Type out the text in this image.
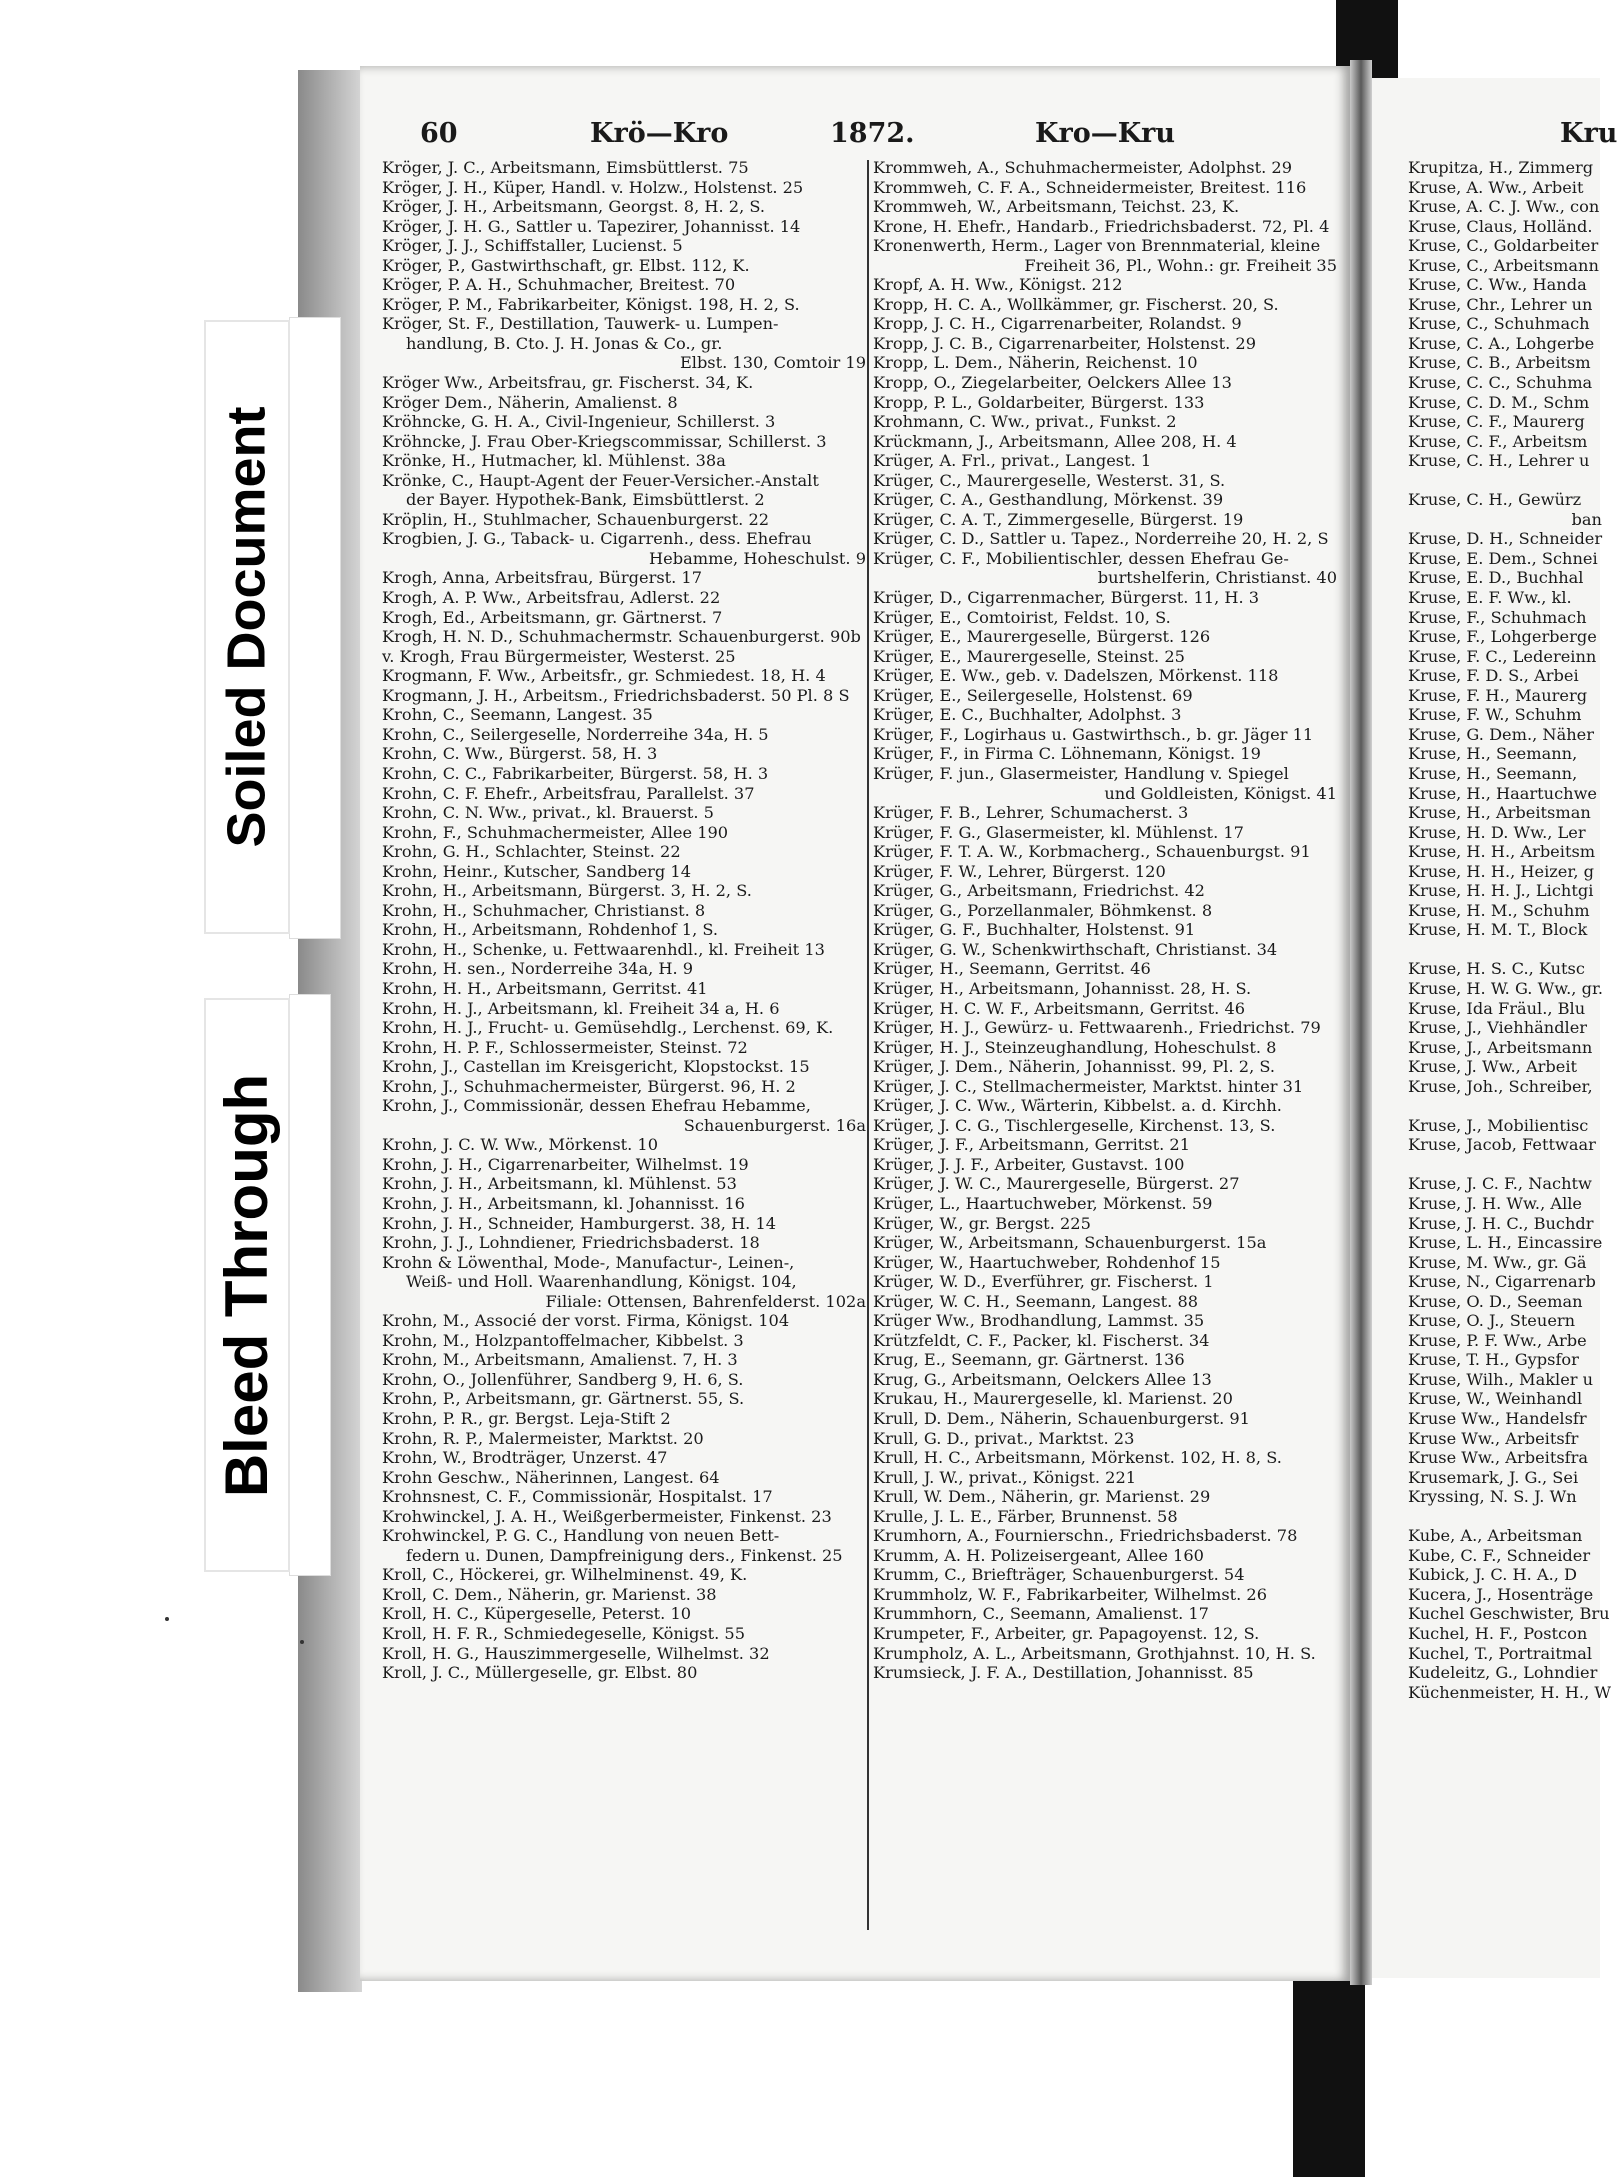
60	Krö—Kro	1872.	Kro—Kru	Kru
Kröger, J. C., Arbeitsmann, Eimsbüttlerst. 75
Kröger, J. H., Küper, Handl. v. Holzw., Holstenst. 25
Kröger, J. H., Arbeitsmann, Georgst. 8, H. 2, S.
Kröger, J. H. G., Sattler u. Tapezirer, Johannisst. 14
Kröger, J. J., Schiffstaller, Lucienst. 5
Kröger, P., Gastwirthschaft, gr. Elbst. 112, K.
Kröger, P. A. H., Schuhmacher, Breitest. 70
Kröger, P. M., Fabrikarbeiter, Königst. 198, H. 2, S.
Kröger, St. F., Destillation, Tauwerk- u. Lumpen-
handlung, B. Cto. J. H. Jonas & Co., gr.
Elbst. 130, Comtoir 19
Kröger Ww., Arbeitsfrau, gr. Fischerst. 34, K.
Kröger Dem., Näherin, Amalienst. 8
Kröhncke, G. H. A., Civil-Ingenieur, Schillerst. 3
Kröhncke, J. Frau Ober-Kriegscommissar, Schillerst. 3
Krönke, H., Hutmacher, kl. Mühlenst. 38a
Krönke, C., Haupt-Agent der Feuer-Versicher.-Anstalt
der Bayer. Hypothek-Bank, Eimsbüttlerst. 2
Kröplin, H., Stuhlmacher, Schauenburgerst. 22
Krogbien, J. G., Taback- u. Cigarrenh., dess. Ehefrau
Hebamme, Hoheschulst. 9
Krogh, Anna, Arbeitsfrau, Bürgerst. 17
Krogh, A. P. Ww., Arbeitsfrau, Adlerst. 22
Krogh, Ed., Arbeitsmann, gr. Gärtnerst. 7
Krogh, H. N. D., Schuhmachermstr. Schauenburgerst. 90b
v. Krogh, Frau Bürgermeister, Westerst. 25
Krogmann, F. Ww., Arbeitsfr., gr. Schmiedest. 18, H. 4
Krogmann, J. H., Arbeitsm., Friedrichsbaderst. 50 Pl. 8 S
Krohn, C., Seemann, Langest. 35
Krohn, C., Seilergeselle, Norderreihe 34a, H. 5
Krohn, C. Ww., Bürgerst. 58, H. 3
Krohn, C. C., Fabrikarbeiter, Bürgerst. 58, H. 3
Krohn, C. F. Ehefr., Arbeitsfrau, Parallelst. 37
Krohn, C. N. Ww., privat., kl. Brauerst. 5
Krohn, F., Schuhmachermeister, Allee 190
Krohn, G. H., Schlachter, Steinst. 22
Krohn, Heinr., Kutscher, Sandberg 14
Krohn, H., Arbeitsmann, Bürgerst. 3, H. 2, S.
Krohn, H., Schuhmacher, Christianst. 8
Krohn, H., Arbeitsmann, Rohdenhof 1, S.
Krohn, H., Schenke, u. Fettwaarenhdl., kl. Freiheit 13
Krohn, H. sen., Norderreihe 34a, H. 9
Krohn, H. H., Arbeitsmann, Gerritst. 41
Krohn, H. J., Arbeitsmann, kl. Freiheit 34 a, H. 6
Krohn, H. J., Frucht- u. Gemüsehdlg., Lerchenst. 69, K.
Krohn, H. P. F., Schlossermeister, Steinst. 72
Krohn, J., Castellan im Kreisgericht, Klopstockst. 15
Krohn, J., Schuhmachermeister, Bürgerst. 96, H. 2
Krohn, J., Commissionär, dessen Ehefrau Hebamme,
Schauenburgerst. 16a
Krohn, J. C. W. Ww., Mörkenst. 10
Krohn, J. H., Cigarrenarbeiter, Wilhelmst. 19
Krohn, J. H., Arbeitsmann, kl. Mühlenst. 53
Krohn, J. H., Arbeitsmann, kl. Johannisst. 16
Krohn, J. H., Schneider, Hamburgerst. 38, H. 14
Krohn, J. J., Lohndiener, Friedrichsbaderst. 18
Krohn & Löwenthal, Mode-, Manufactur-, Leinen-,
Weiß- und Holl. Waarenhandlung, Königst. 104,
Filiale: Ottensen, Bahrenfelderst. 102a
Krohn, M., Associé der vorst. Firma, Königst. 104
Krohn, M., Holzpantoffelmacher, Kibbelst. 3
Krohn, M., Arbeitsmann, Amalienst. 7, H. 3
Krohn, O., Jollenführer, Sandberg 9, H. 6, S.
Krohn, P., Arbeitsmann, gr. Gärtnerst. 55, S.
Krohn, P. R., gr. Bergst. Leja-Stift 2
Krohn, R. P., Malermeister, Marktst. 20
Krohn, W., Brodträger, Unzerst. 47
Krohn Geschw., Näherinnen, Langest. 64
Krohnsnest, C. F., Commissionär, Hospitalst. 17
Krohwinckel, J. A. H., Weißgerbermeister, Finkenst. 23
Krohwinckel, P. G. C., Handlung von neuen Bett-
federn u. Dunen, Dampfreinigung ders., Finkenst. 25
Kroll, C., Höckerei, gr. Wilhelminenst. 49, K.
Kroll, C. Dem., Näherin, gr. Marienst. 38
Kroll, H. C., Küpergeselle, Peterst. 10
Kroll, H. F. R., Schmiedegeselle, Königst. 55
Kroll, H. G., Hauszimmergeselle, Wilhelmst. 32
Kroll, J. C., Müllergeselle, gr. Elbst. 80
Krommweh, A., Schuhmachermeister, Adolphst. 29
Krommweh, C. F. A., Schneidermeister, Breitest. 116
Krommweh, W., Arbeitsmann, Teichst. 23, K.
Krone, H. Ehefr., Handarb., Friedrichsbaderst. 72, Pl. 4
Kronenwerth, Herm., Lager von Brennmaterial, kleine
Freiheit 36, Pl., Wohn.: gr. Freiheit 35
Kropf, A. H. Ww., Königst. 212
Kropp, H. C. A., Wollkämmer, gr. Fischerst. 20, S.
Kropp, J. C. H., Cigarrenarbeiter, Rolandst. 9
Kropp, J. C. B., Cigarrenarbeiter, Holstenst. 29
Kropp, L. Dem., Näherin, Reichenst. 10
Kropp, O., Ziegelarbeiter, Oelckers Allee 13
Kropp, P. L., Goldarbeiter, Bürgerst. 133
Krohmann, C. Ww., privat., Funkst. 2
Krückmann, J., Arbeitsmann, Allee 208, H. 4
Krüger, A. Frl., privat., Langest. 1
Krüger, C., Maurergeselle, Westerst. 31, S.
Krüger, C. A., Gesthandlung, Mörkenst. 39
Krüger, C. A. T., Zimmergeselle, Bürgerst. 19
Krüger, C. D., Sattler u. Tapez., Norderreihe 20, H. 2, S
Krüger, C. F., Mobilientischler, dessen Ehefrau Ge-
burtshelferin, Christianst. 40
Krüger, D., Cigarrenmacher, Bürgerst. 11, H. 3
Krüger, E., Comtoirist, Feldst. 10, S.
Krüger, E., Maurergeselle, Bürgerst. 126
Krüger, E., Maurergeselle, Steinst. 25
Krüger, E. Ww., geb. v. Dadelszen, Mörkenst. 118
Krüger, E., Seilergeselle, Holstenst. 69
Krüger, E. C., Buchhalter, Adolphst. 3
Krüger, F., Logirhaus u. Gastwirthsch., b. gr. Jäger 11
Krüger, F., in Firma C. Löhnemann, Königst. 19
Krüger, F. jun., Glasermeister, Handlung v. Spiegel
und Goldleisten, Königst. 41
Krüger, F. B., Lehrer, Schumacherst. 3
Krüger, F. G., Glasermeister, kl. Mühlenst. 17
Krüger, F. T. A. W., Korbmacherg., Schauenburgst. 91
Krüger, F. W., Lehrer, Bürgerst. 120
Krüger, G., Arbeitsmann, Friedrichst. 42
Krüger, G., Porzellanmaler, Böhmkenst. 8
Krüger, G. F., Buchhalter, Holstenst. 91
Krüger, G. W., Schenkwirthschaft, Christianst. 34
Krüger, H., Seemann, Gerritst. 46
Krüger, H., Arbeitsmann, Johannisst. 28, H. S.
Krüger, H. C. W. F., Arbeitsmann, Gerritst. 46
Krüger, H. J., Gewürz- u. Fettwaarenh., Friedrichst. 79
Krüger, H. J., Steinzeughandlung, Hoheschulst. 8
Krüger, J. Dem., Näherin, Johannisst. 99, Pl. 2, S.
Krüger, J. C., Stellmachermeister, Marktst. hinter 31
Krüger, J. C. Ww., Wärterin, Kibbelst. a. d. Kirchh.
Krüger, J. C. G., Tischlergeselle, Kirchenst. 13, S.
Krüger, J. F., Arbeitsmann, Gerritst. 21
Krüger, J. J. F., Arbeiter, Gustavst. 100
Krüger, J. W. C., Maurergeselle, Bürgerst. 27
Krüger, L., Haartuchweber, Mörkenst. 59
Krüger, W., gr. Bergst. 225
Krüger, W., Arbeitsmann, Schauenburgerst. 15a
Krüger, W., Haartuchweber, Rohdenhof 15
Krüger, W. D., Everführer, gr. Fischerst. 1
Krüger, W. C. H., Seemann, Langest. 88
Krüger Ww., Brodhandlung, Lammst. 35
Krützfeldt, C. F., Packer, kl. Fischerst. 34
Krug, E., Seemann, gr. Gärtnerst. 136
Krug, G., Arbeitsmann, Oelckers Allee 13
Krukau, H., Maurergeselle, kl. Marienst. 20
Krull, D. Dem., Näherin, Schauenburgerst. 91
Krull, G. D., privat., Marktst. 23
Krull, H. C., Arbeitsmann, Mörkenst. 102, H. 8, S.
Krull, J. W., privat., Königst. 221
Krull, W. Dem., Näherin, gr. Marienst. 29
Krulle, J. L. E., Färber, Brunnenst. 58
Krumhorn, A., Fournierschn., Friedrichsbaderst. 78
Krumm, A. H. Polizeisergeant, Allee 160
Krumm, C., Briefträger, Schauenburgerst. 54
Krummholz, W. F., Fabrikarbeiter, Wilhelmst. 26
Krummhorn, C., Seemann, Amalienst. 17
Krumpeter, F., Arbeiter, gr. Papagoyenst. 12, S.
Krumpholz, A. L., Arbeitsmann, Grothjahnst. 10, H. S.
Krumsieck, J. F. A., Destillation, Johannisst. 85
Krupitza, H., Zimmerg
Kruse, A. Ww., Arbeit
Kruse, A. C. J. Ww., con
Kruse, Claus, Holländ.
Kruse, C., Goldarbeiter
Kruse, C., Arbeitsmann
Kruse, C. Ww., Handa
Kruse, Chr., Lehrer un
Kruse, C., Schuhmach
Kruse, C. A., Lohgerbe
Kruse, C. B., Arbeitsm
Kruse, C. C., Schuhma
Kruse, C. D. M., Schm
Kruse, C. F., Maurerg
Kruse, C. F., Arbeitsm
Kruse, C. H., Lehrer u
Kruse, C. H., Gewürz
ban
Kruse, D. H., Schneider
Kruse, E. Dem., Schnei
Kruse, E. D., Buchhal
Kruse, E. F. Ww., kl.
Kruse, F., Schuhmach
Kruse, F., Lohgerberge
Kruse, F. C., Ledereinn
Kruse, F. D. S., Arbei
Kruse, F. H., Maurerg
Kruse, F. W., Schuhm
Kruse, G. Dem., Näher
Kruse, H., Seemann,
Kruse, H., Seemann,
Kruse, H., Haartuchwe
Kruse, H., Arbeitsman
Kruse, H. D. Ww., Ler
Kruse, H. H., Arbeitsm
Kruse, H. H., Heizer, g
Kruse, H. H. J., Lichtgi
Kruse, H. M., Schuhm
Kruse, H. M. T., Block
Kruse, H. S. C., Kutsc
Kruse, H. W. G. Ww., gr.
Kruse, Ida Fräul., Blu
Kruse, J., Viehhändler
Kruse, J., Arbeitsmann
Kruse, J. Ww., Arbeit
Kruse, Joh., Schreiber,
Kruse, J., Mobilientisc
Kruse, Jacob, Fettwaar
Kruse, J. C. F., Nachtw
Kruse, J. H. Ww., Alle
Kruse, J. H. C., Buchdr
Kruse, L. H., Eincassire
Kruse, M. Ww., gr. Gä
Kruse, N., Cigarrenarb
Kruse, O. D., Seeman
Kruse, O. J., Steuern
Kruse, P. F. Ww., Arbe
Kruse, T. H., Gypsfor
Kruse, Wilh., Makler u
Kruse, W., Weinhandl
Kruse Ww., Handelsfr
Kruse Ww., Arbeitsfr
Kruse Ww., Arbeitsfra
Krusemark, J. G., Sei
Kryssing, N. S. J. Wn
Kube, A., Arbeitsman
Kube, C. F., Schneider
Kubick, J. C. H. A., D
Kucera, J., Hosenträge
Kuchel Geschwister, Bru
Kuchel, H. F., Postcon
Kuchel, T., Portraitmal
Kudeleitz, G., Lohndier
Küchenmeister, H. H., W
Soiled Document
Bleed Through
